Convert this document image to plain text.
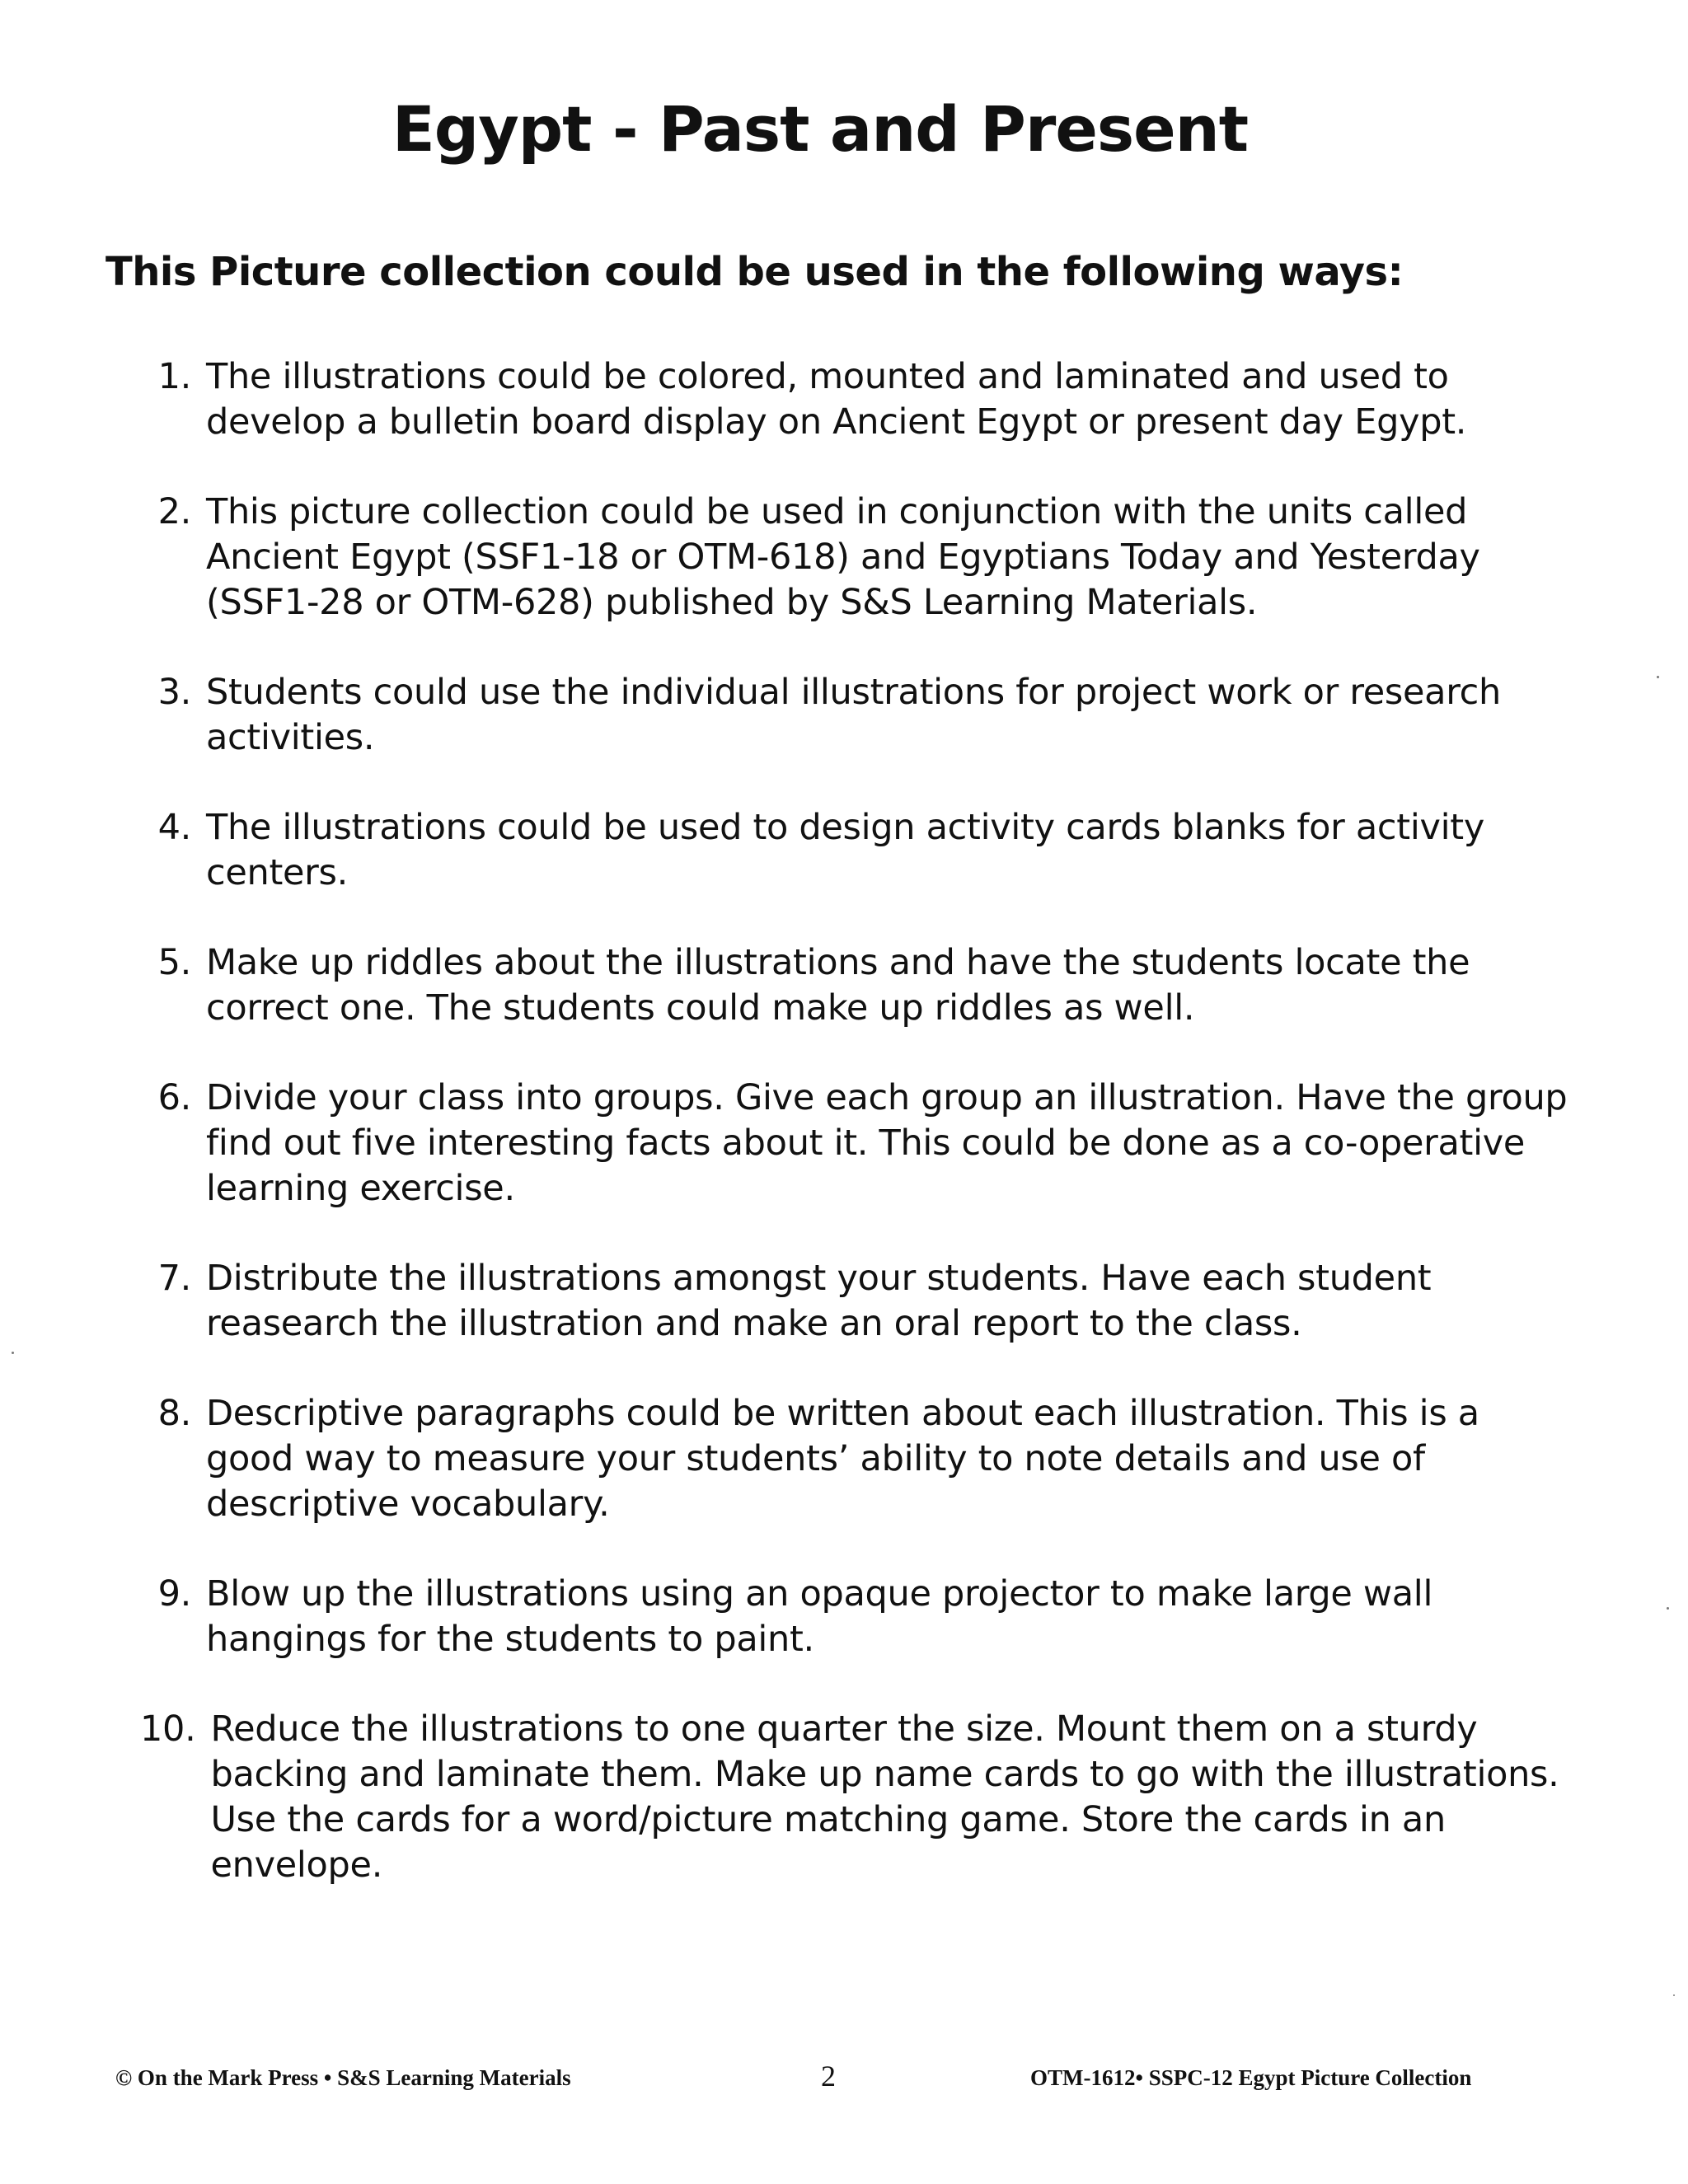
Egypt - Past and Present
This Picture collection could be used in the following ways:
1. The illustrations could be colored, mounted and laminated and used to develop a bulletin board display on Ancient Egypt or present day Egypt.
2. This picture collection could be used in conjunction with the units called Ancient Egypt (SSF1-18 or OTM-618) and Egyptians Today and Yesterday (SSF1-28 or OTM-628) published by S&S Learning Materials.
3. Students could use the individual illustrations for project work or research activities.
4. The illustrations could be used to design activity cards blanks for activity centers.
5. Make up riddles about the illustrations and have the students locate the correct one. The students could make up riddles as well.
6. Divide your class into groups. Give each group an illustration. Have the group find out five interesting facts about it. This could be done as a co-operative learning exercise.
7. Distribute the illustrations amongst your students. Have each student reasearch the illustration and make an oral report to the class.
8. Descriptive paragraphs could be written about each illustration. This is a good way to measure your students’ ability to note details and use of descriptive vocabulary.
9. Blow up the illustrations using an opaque projector to make large wall hangings for the students to paint.
10. Reduce the illustrations to one quarter the size. Mount them on a sturdy backing and laminate them. Make up name cards to go with the illustrations. Use the cards for a word/picture matching game. Store the cards in an envelope.

© On the Mark Press • S&S Learning Materials	2	OTM-1612• SSPC-12 Egypt Picture Collection
